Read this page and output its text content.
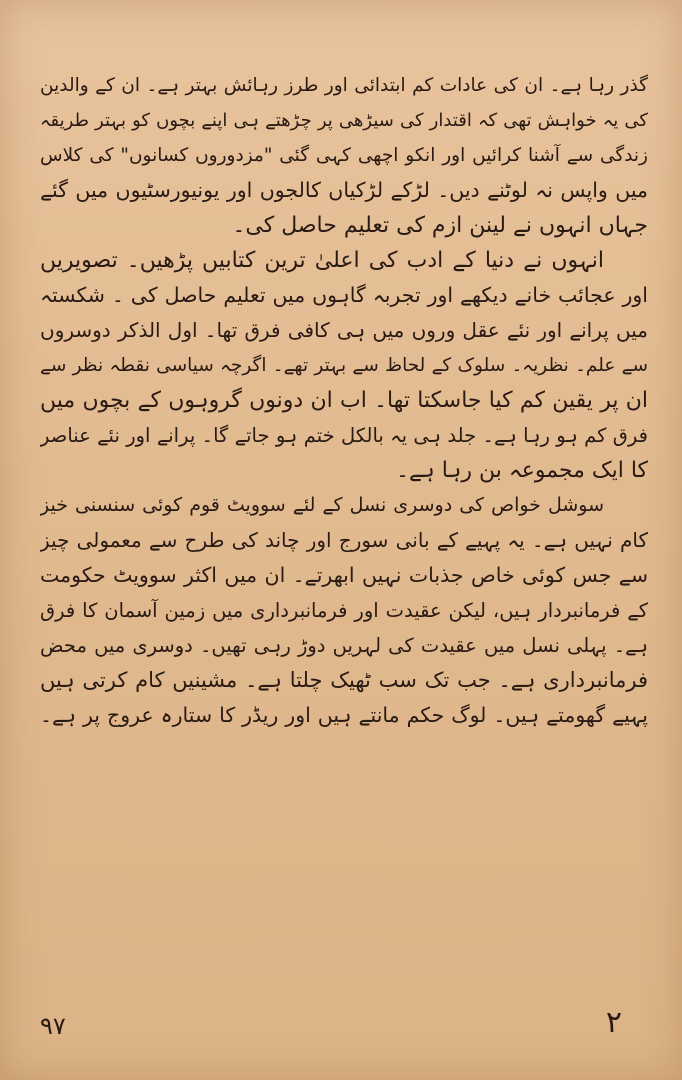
گذر رہا ہے۔ ان کی عادات کم ابتدائی اور طرز رہائش بہتر ہے۔ ان کے والدین
کی یہ خواہش تھی کہ اقتدار کی سیڑھی پر چڑھتے ہی اپنے بچوں کو بہتر طریقہ
زندگی سے آشنا کرائیں اور انکو اچھی کہی گئی "مزدوروں کسانوں" کی کلاس
میں واپس نہ لوٹنے دیں۔ لڑکے لڑکیاں کالجوں اور یونیورسٹیوں میں گئے
جہاں انہوں نے لینن ازم کی تعلیم حاصل کی۔
انہوں نے دنیا کے ادب کی اعلیٰ ترین کتابیں پڑھیں۔ تصویریں
اور عجائب خانے دیکھے اور تجربہ گاہوں میں تعلیم حاصل کی ۔ شکستہ
میں پرانے اور نئے عقل وروں میں ہی کافی فرق تھا۔ اول الذکر دوسروں
سے علم۔ نظریہ۔ سلوک کے لحاظ سے بہتر تھے۔ اگرچہ سیاسی نقطہ نظر سے
ان پر یقین کم کیا جاسکتا تھا۔ اب ان دونوں گروہوں کے بچوں میں
فرق کم ہو رہا ہے۔ جلد ہی یہ بالکل ختم ہو جاتے گا۔ پرانے اور نئے عناصر
کا ایک مجموعہ بن رہا ہے۔
سوشل خواص کی دوسری نسل کے لئے سوویٹ قوم کوئی سنسنی خیز
کام نہیں ہے۔ یہ پہیے کے بانی سورج اور چاند کی طرح سے معمولی چیز
سے جس کوئی خاص جذبات نہیں ابھرتے۔ ان میں اکثر سوویٹ حکومت
کے فرمانبردار ہیں، لیکن عقیدت اور فرمانبرداری میں زمین آسمان کا فرق
ہے۔ پہلی نسل میں عقیدت کی لہریں دوڑ رہی تھیں۔ دوسری میں محض
فرمانبرداری ہے۔ جب تک سب ٹھیک چلتا ہے۔ مشینیں کام کرتی ہیں
پہیے گھومتے ہیں۔ لوگ حکم مانتے ہیں اور ریڈر کا ستارہ عروج پر ہے۔
۹۷	۲
